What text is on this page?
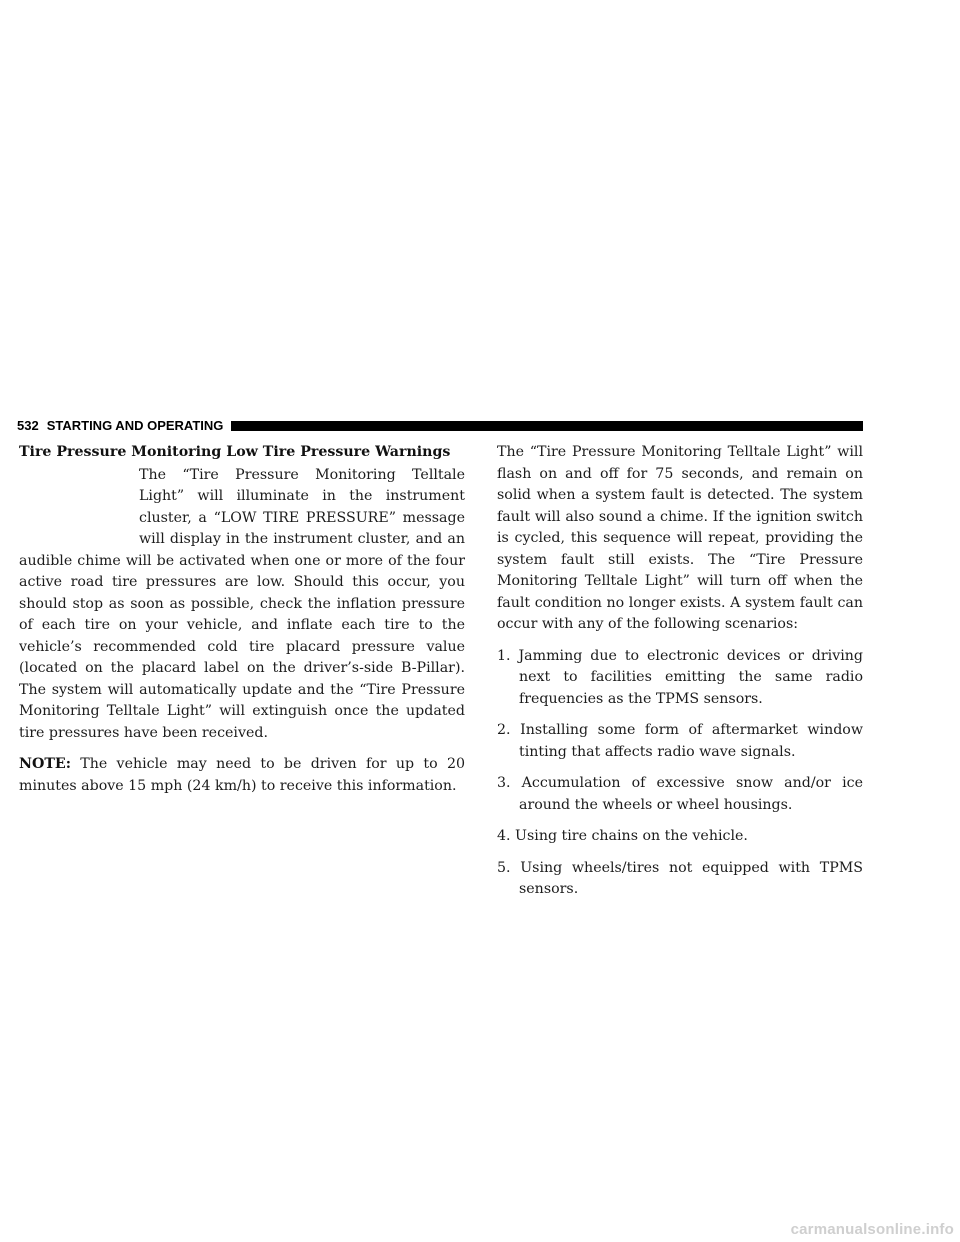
532 STARTING AND OPERATING
Tire Pressure Monitoring Low Tire Pressure Warnings

The “Tire Pressure Monitoring Telltale Light” will illuminate in the instrument cluster, a “LOW TIRE PRESSURE” message will display in the instrument cluster, and an audible chime will be activated when one or more of the four active road tire pressures are low. Should this occur, you should stop as soon as possible, check the inflation pressure of each tire on your vehicle, and inflate each tire to the vehicle’s recommended cold tire placard pressure value (located on the placard label on the driver’s-side B-Pillar). The system will automatically update and the “Tire Pressure Monitoring Telltale Light” will extinguish once the updated tire pressures have been received.

NOTE: The vehicle may need to be driven for up to 20 minutes above 15 mph (24 km/h) to receive this information.

The “Tire Pressure Monitoring Telltale Light” will flash on and off for 75 seconds, and remain on solid when a system fault is detected. The system fault will also sound a chime. If the ignition switch is cycled, this sequence will repeat, providing the system fault still exists. The “Tire Pressure Monitoring Telltale Light” will turn off when the fault condition no longer exists. A system fault can occur with any of the following scenarios:

1. Jamming due to electronic devices or driving next to facilities emitting the same radio frequencies as the TPMS sensors.
2. Installing some form of aftermarket window tinting that affects radio wave signals.
3. Accumulation of excessive snow and/or ice around the wheels or wheel housings.
4. Using tire chains on the vehicle.
5. Using wheels/tires not equipped with TPMS sensors.
carmanualsonline.info
